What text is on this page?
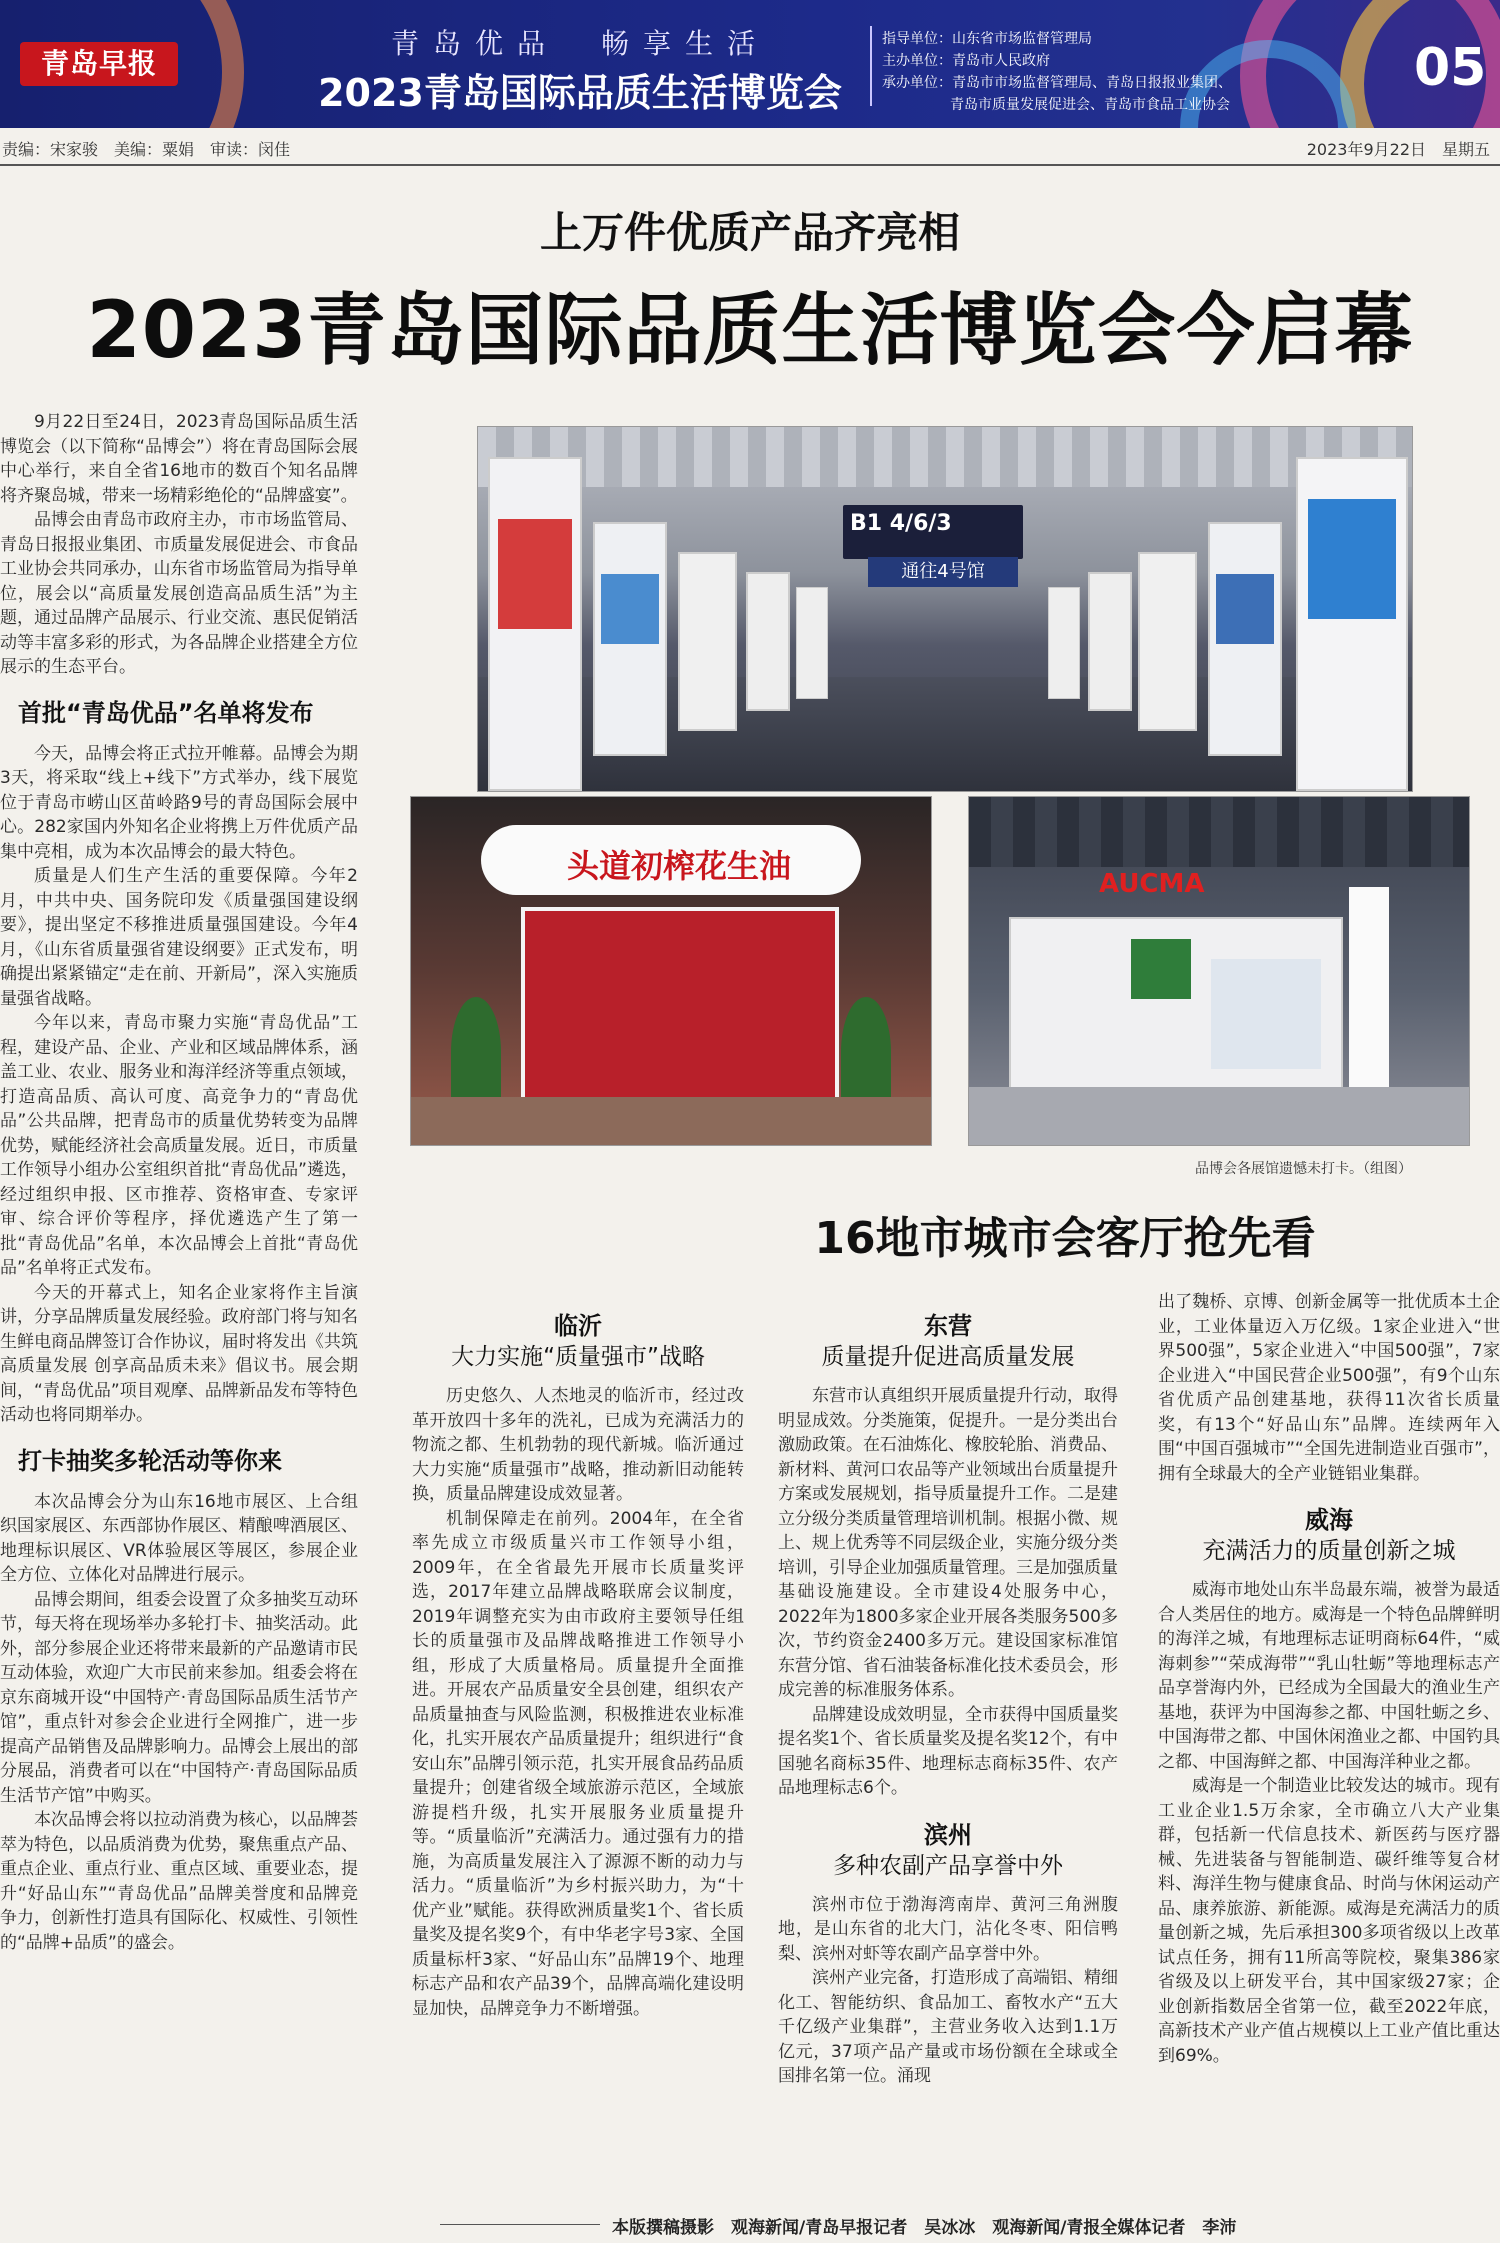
青岛早报
青岛优品　畅享生活
2023青岛国际品质生活博览会
指导单位：山东省市场监督管理局
主办单位：青岛市人民政府
承办单位：青岛市市场监督管理局、青岛日报报业集团、
青岛市质量发展促进会、青岛市食品工业协会
05
责编：宋家骏　美编：粟娟　审读：闵佳	2023年9月22日　星期五
上万件优质产品齐亮相
2023青岛国际品质生活博览会今启幕

9月22日至24日，2023青岛国际品质生活博览会（以下简称“品博会”）将在青岛国际会展中心举行，来自全省16地市的数百个知名品牌将齐聚岛城，带来一场精彩绝伦的“品牌盛宴”。

品博会由青岛市政府主办，市市场监管局、青岛日报报业集团、市质量发展促进会、市食品工业协会共同承办，山东省市场监管局为指导单位，展会以“高质量发展创造高品质生活”为主题，通过品牌产品展示、行业交流、惠民促销活动等丰富多彩的形式，为各品牌企业搭建全方位展示的生态平台。

首批“青岛优品”名单将发布

今天，品博会将正式拉开帷幕。品博会为期3天，将采取“线上+线下”方式举办，线下展览位于青岛市崂山区苗岭路9号的青岛国际会展中心。282家国内外知名企业将携上万件优质产品集中亮相，成为本次品博会的最大特色。

质量是人们生产生活的重要保障。今年2月，中共中央、国务院印发《质量强国建设纲要》，提出坚定不移推进质量强国建设。今年4月，《山东省质量强省建设纲要》正式发布，明确提出紧紧锚定“走在前、开新局”，深入实施质量强省战略。

今年以来，青岛市聚力实施“青岛优品”工程，建设产品、企业、产业和区域品牌体系，涵盖工业、农业、服务业和海洋经济等重点领域，打造高品质、高认可度、高竞争力的“青岛优品”公共品牌，把青岛市的质量优势转变为品牌优势，赋能经济社会高质量发展。近日，市质量工作领导小组办公室组织首批“青岛优品”遴选，经过组织申报、区市推荐、资格审查、专家评审、综合评价等程序，择优遴选产生了第一批“青岛优品”名单，本次品博会上首批“青岛优品”名单将正式发布。

今天的开幕式上，知名企业家将作主旨演讲，分享品牌质量发展经验。政府部门将与知名生鲜电商品牌签订合作协议，届时将发出《共筑高质量发展 创享高品质未来》倡议书。展会期间，“青岛优品”项目观摩、品牌新品发布等特色活动也将同期举办。

打卡抽奖多轮活动等你来

本次品博会分为山东16地市展区、上合组织国家展区、东西部协作展区、精酿啤酒展区、地理标识展区、VR体验展区等展区，参展企业全方位、立体化对品牌进行展示。

品博会期间，组委会设置了众多抽奖互动环节，每天将在现场举办多轮打卡、抽奖活动。此外，部分参展企业还将带来最新的产品邀请市民互动体验，欢迎广大市民前来参加。组委会将在京东商城开设“中国特产·青岛国际品质生活节产馆”，重点针对参会企业进行全网推广，进一步提高产品销售及品牌影响力。品博会上展出的部分展品，消费者可以在“中国特产·青岛国际品质生活节产馆”中购买。

本次品博会将以拉动消费为核心，以品牌荟萃为特色，以品质消费为优势，聚焦重点产品、重点企业、重点行业、重点区域、重要业态，提升“好品山东”“青岛优品”品牌美誉度和品牌竞争力，创新性打造具有国际化、权威性、引领性的“品牌+品质”的盛会。

B1 4/6/3
通往4号馆
头道初榨花生油	AUCMA
品博会各展馆遗憾未打卡。（组图）
16地市城市会客厅抢先看
临沂
大力实施“质量强市”战略

历史悠久、人杰地灵的临沂市，经过改革开放四十多年的洗礼，已成为充满活力的物流之都、生机勃勃的现代新城。临沂通过大力实施“质量强市”战略，推动新旧动能转换，质量品牌建设成效显著。

机制保障走在前列。2004年，在全省率先成立市级质量兴市工作领导小组，2009年，在全省最先开展市长质量奖评选，2017年建立品牌战略联席会议制度，2019年调整充实为由市政府主要领导任组长的质量强市及品牌战略推进工作领导小组，形成了大质量格局。质量提升全面推进。开展农产品质量安全县创建，组织农产品质量抽查与风险监测，积极推进农业标准化，扎实开展农产品质量提升；组织进行“食安山东”品牌引领示范，扎实开展食品药品质量提升；创建省级全域旅游示范区，全域旅游提档升级，扎实开展服务业质量提升等。“质量临沂”充满活力。通过强有力的措施，为高质量发展注入了源源不断的动力与活力。“质量临沂”为乡村振兴助力，为“十优产业”赋能。获得欧洲质量奖1个、省长质量奖及提名奖9个，有中华老字号3家、全国质量标杆3家、“好品山东”品牌19个、地理标志产品和农产品39个，品牌高端化建设明显加快，品牌竞争力不断增强。

东营
质量提升促进高质量发展

东营市认真组织开展质量提升行动，取得明显成效。分类施策，促提升。一是分类出台激励政策。在石油炼化、橡胶轮胎、消费品、新材料、黄河口农品等产业领域出台质量提升方案或发展规划，指导质量提升工作。二是建立分级分类质量管理培训机制。根据小微、规上、规上优秀等不同层级企业，实施分级分类培训，引导企业加强质量管理。三是加强质量基础设施建设。全市建设4处服务中心，2022年为1800多家企业开展各类服务500多次，节约资金2400多万元。建设国家标准馆东营分馆、省石油装备标准化技术委员会，形成完善的标准服务体系。

品牌建设成效明显，全市获得中国质量奖提名奖1个、省长质量奖及提名奖12个，有中国驰名商标35件、地理标志商标35件、农产品地理标志6个。

滨州
多种农副产品享誉中外

滨州市位于渤海湾南岸、黄河三角洲腹地，是山东省的北大门，沾化冬枣、阳信鸭梨、滨州对虾等农副产品享誉中外。

滨州产业完备，打造形成了高端铝、精细化工、智能纺织、食品加工、畜牧水产“五大千亿级产业集群”，主营业务收入达到1.1万亿元，37项产品产量或市场份额在全球或全国排名第一位。涌现

出了魏桥、京博、创新金属等一批优质本土企业，工业体量迈入万亿级。1家企业进入“世界500强”，5家企业进入“中国500强”，7家企业进入“中国民营企业500强”，有9个山东省优质产品创建基地，获得11次省长质量奖，有13个“好品山东”品牌。连续两年入围“中国百强城市”“全国先进制造业百强市”，拥有全球最大的全产业链铝业集群。

威海
充满活力的质量创新之城

威海市地处山东半岛最东端，被誉为最适合人类居住的地方。威海是一个特色品牌鲜明的海洋之城，有地理标志证明商标64件，“威海刺参”“荣成海带”“乳山牡蛎”等地理标志产品享誉海内外，已经成为全国最大的渔业生产基地，获评为中国海参之都、中国牡蛎之乡、中国海带之都、中国休闲渔业之都、中国钓具之都、中国海鲜之都、中国海洋种业之都。

威海是一个制造业比较发达的城市。现有工业企业1.5万余家，全市确立八大产业集群，包括新一代信息技术、新医药与医疗器械、先进装备与智能制造、碳纤维等复合材料、海洋生物与健康食品、时尚与休闲运动产品、康养旅游、新能源。威海是充满活力的质量创新之城，先后承担300多项省级以上改革试点任务，拥有11所高等院校，聚集386家省级及以上研发平台，其中国家级27家；企业创新指数居全省第一位，截至2022年底，高新技术产业产值占规模以上工业产值比重达到69%。

本版撰稿摄影　观海新闻/青岛早报记者　吴冰冰　观海新闻/青报全媒体记者　李沛
